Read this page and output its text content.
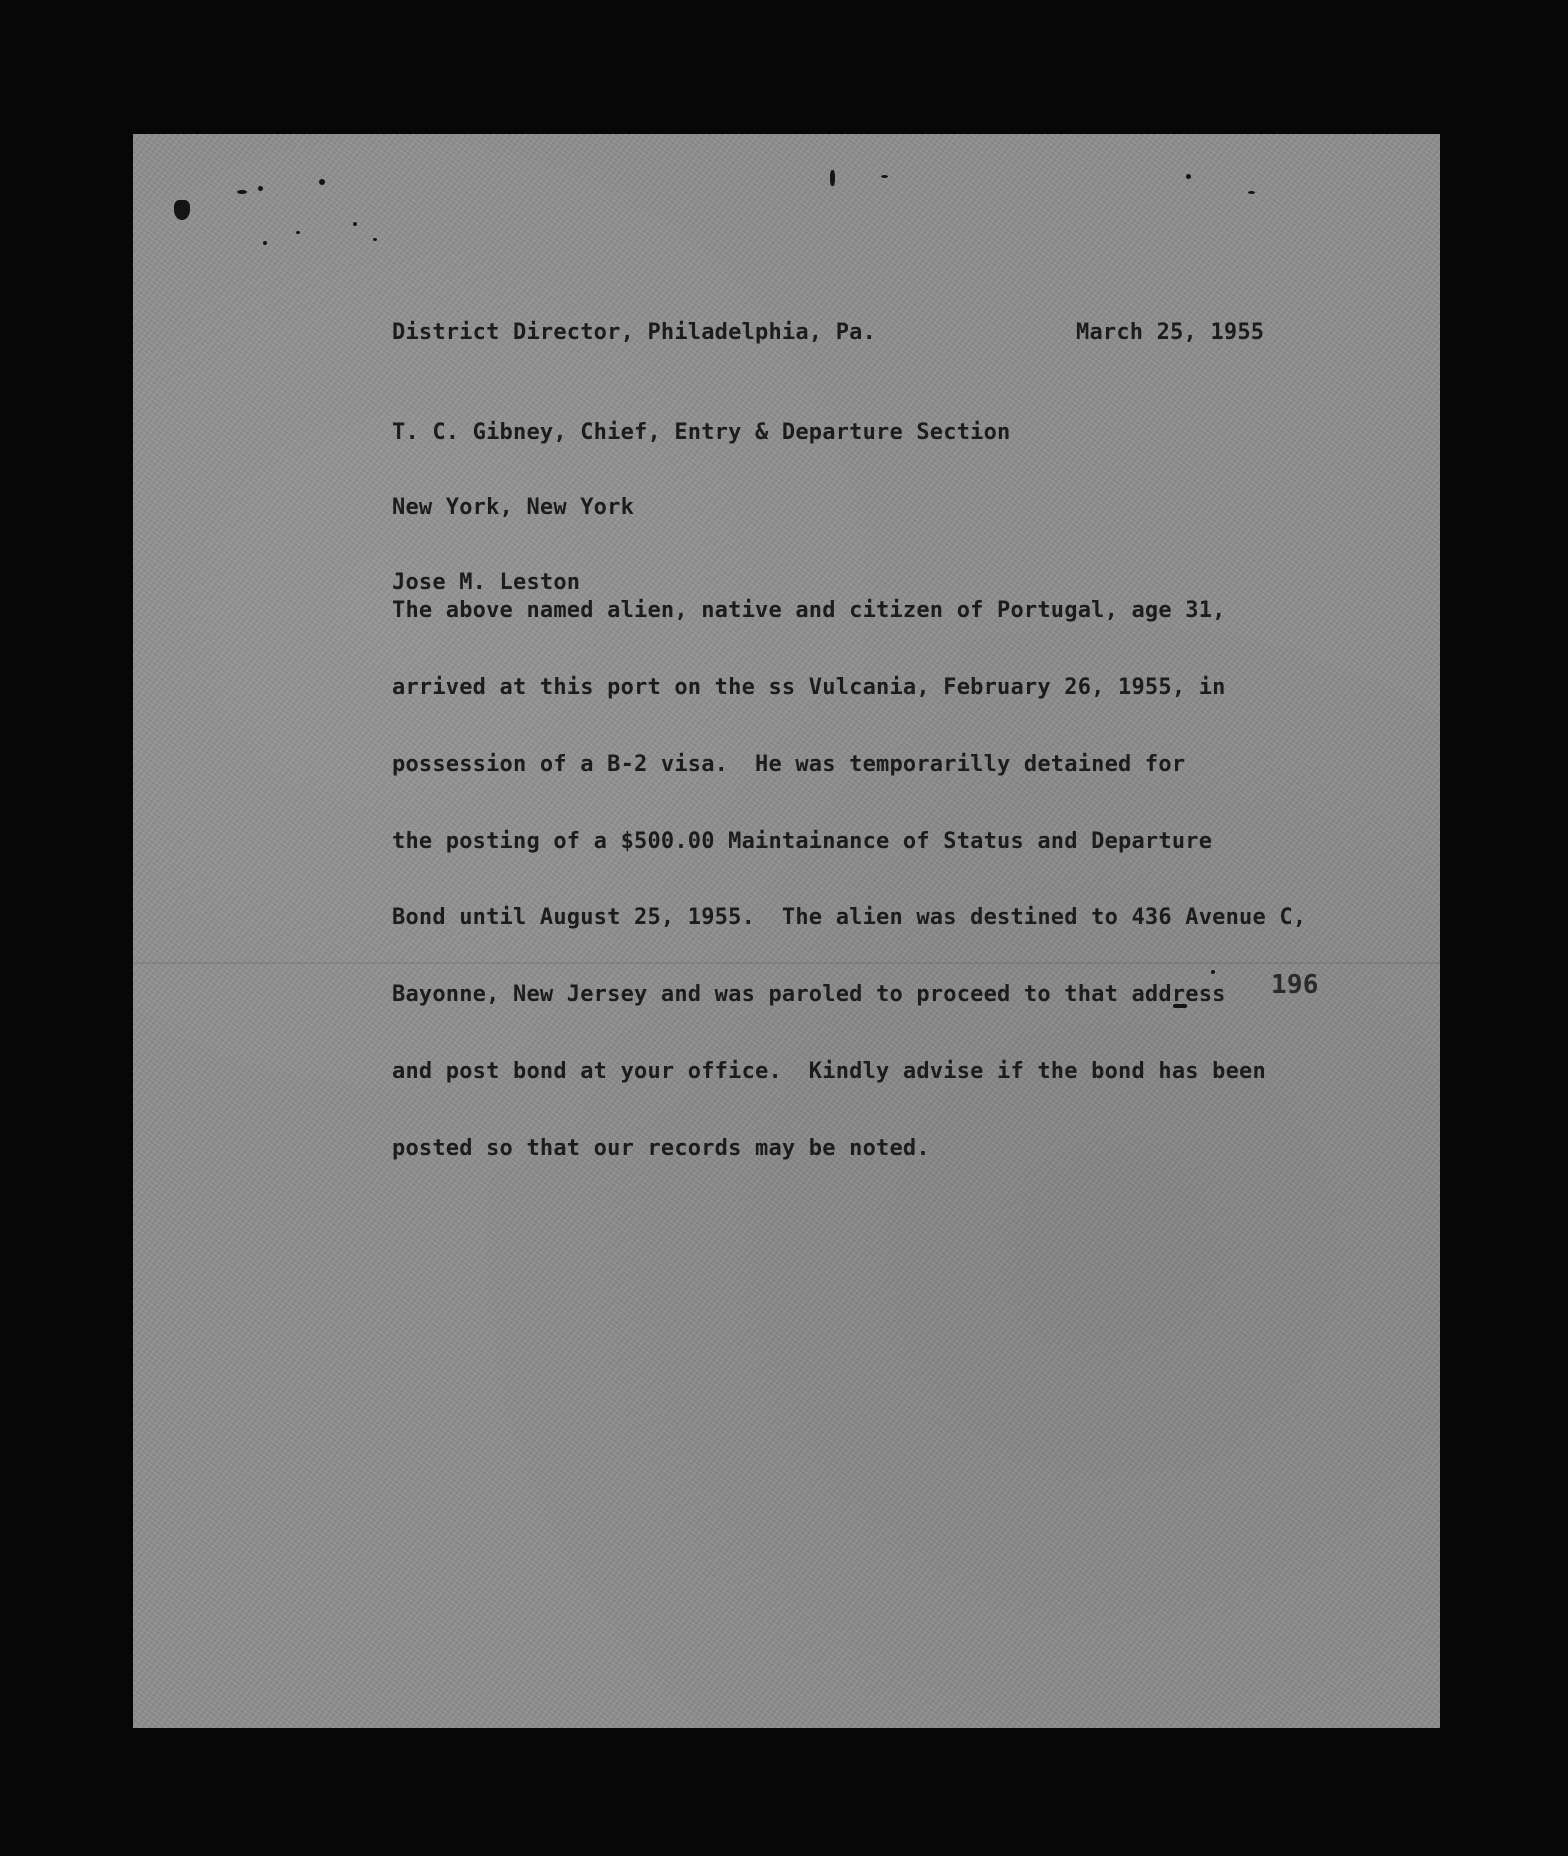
District Director, Philadelphia, Pa.	March 25, 1955

T. C. Gibney, Chief, Entry & Departure Section

New York, New York

Jose M. Leston

The above named alien, native and citizen of Portugal, age 31,

arrived at this port on the ss Vulcania, February 26, 1955, in

possession of a B-2 visa.  He was temporarilly detained for

the posting of a $500.00 Maintainance of Status and Departure

Bond until August 25, 1955.  The alien was destined to 436 Avenue C,

Bayonne, New Jersey and was paroled to proceed to that address

and post bond at your office.  Kindly advise if the bond has been

posted so that our records may be noted.

196
